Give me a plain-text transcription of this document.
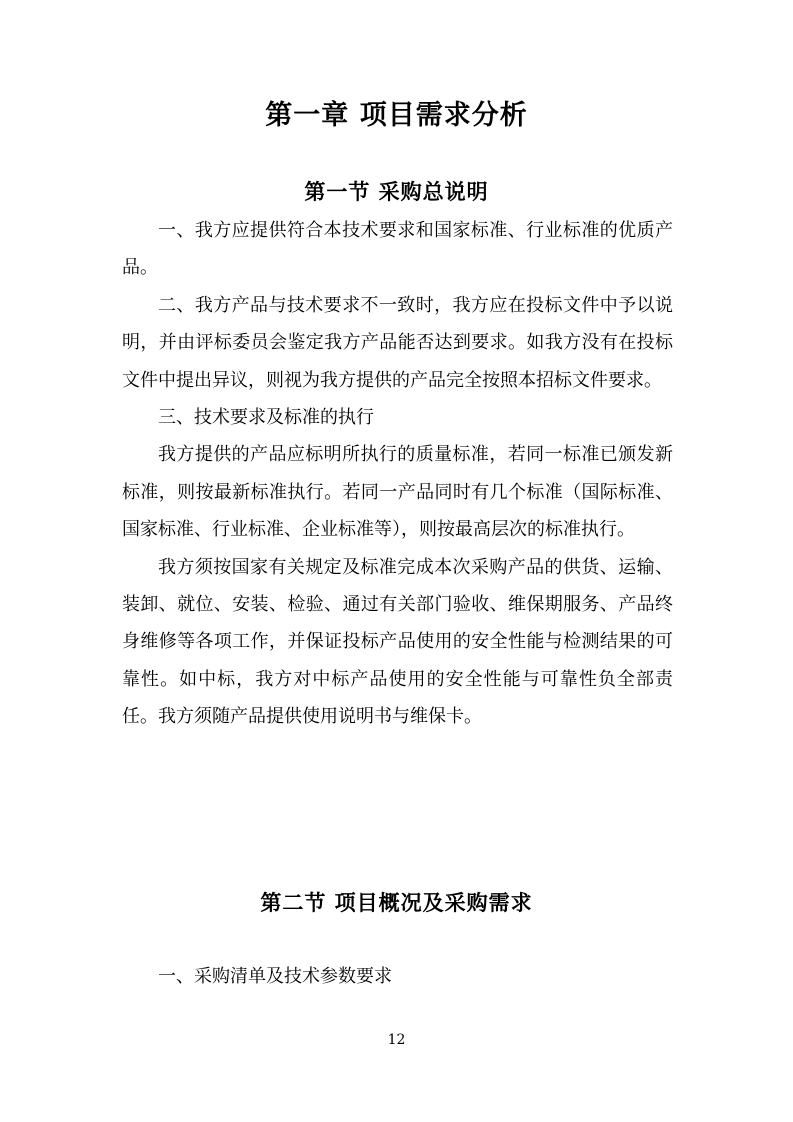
第一章 项目需求分析
第一节 采购总说明

一、我方应提供符合本技术要求和国家标准、行业标准的优质产品。

二、我方产品与技术要求不一致时，我方应在投标文件中予以说明，并由评标委员会鉴定我方产品能否达到要求。如我方没有在投标文件中提出异议，则视为我方提供的产品完全按照本招标文件要求。

三、技术要求及标准的执行

我方提供的产品应标明所执行的质量标准，若同一标准已颁发新标准，则按最新标准执行。若同一产品同时有几个标准（国际标准、国家标准、行业标准、企业标准等），则按最高层次的标准执行。

我方须按国家有关规定及标准完成本次采购产品的供货、运输、装卸、就位、安装、检验、通过有关部门验收、维保期服务、产品终身维修等各项工作，并保证投标产品使用的安全性能与检测结果的可靠性。如中标，我方对中标产品使用的安全性能与可靠性负全部责任。我方须随产品提供使用说明书与维保卡。

第二节 项目概况及采购需求

一、采购清单及技术参数要求

12
